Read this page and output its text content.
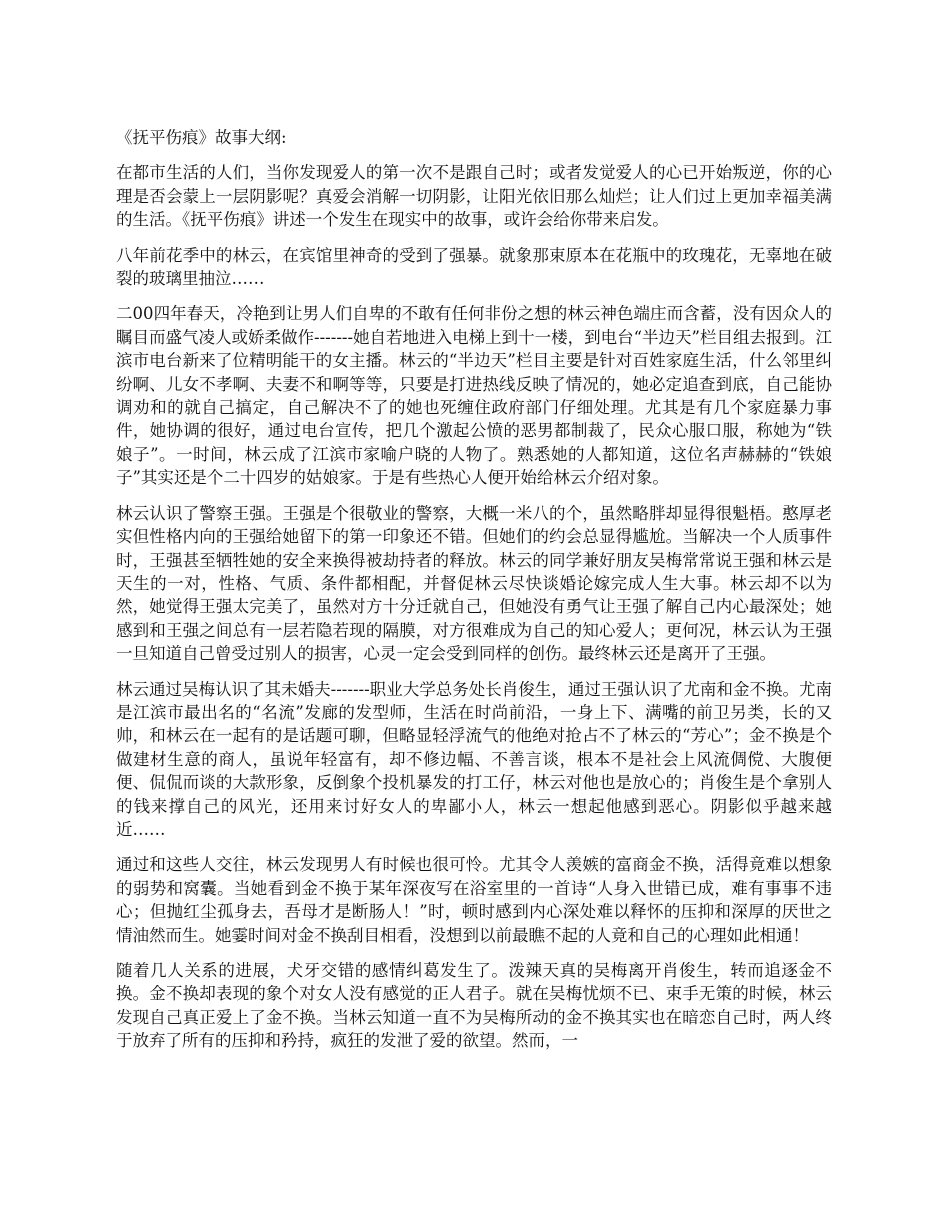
《抚平伤痕》故事大纲:

在都市生活的人们，当你发现爱人的第一次不是跟自己时；或者发觉爱人的心已开始叛逆，你的心理是否会蒙上一层阴影呢？真爱会消解一切阴影，让阳光依旧那么灿烂；让人们过上更加幸福美满的生活。《抚平伤痕》讲述一个发生在现实中的故事，或许会给你带来启发。

八年前花季中的林云，在宾馆里神奇的受到了强暴。就象那束原本在花瓶中的玫瑰花，无辜地在破裂的玻璃里抽泣……

二00四年春天，冷艳到让男人们自卑的不敢有任何非份之想的林云神色端庄而含蓄，没有因众人的瞩目而盛气凌人或娇柔做作-------她自若地进入电梯上到十一楼，到电台“半边天”栏目组去报到。江滨市电台新来了位精明能干的女主播。林云的“半边天”栏目主要是针对百姓家庭生活，什么邻里纠纷啊、儿女不孝啊、夫妻不和啊等等，只要是打进热线反映了情况的，她必定追查到底，自己能协调劝和的就自己搞定，自己解决不了的她也死缠住政府部门仔细处理。尤其是有几个家庭暴力事件，她协调的很好，通过电台宣传，把几个激起公愤的恶男都制裁了，民众心服口服，称她为“铁娘子”。一时间，林云成了江滨市家喻户晓的人物了。熟悉她的人都知道，这位名声赫赫的“铁娘子”其实还是个二十四岁的姑娘家。于是有些热心人便开始给林云介绍对象。

林云认识了警察王强。王强是个很敬业的警察，大概一米八的个，虽然略胖却显得很魁梧。憨厚老实但性格内向的王强给她留下的第一印象还不错。但她们的约会总显得尴尬。当解决一个人质事件时，王强甚至牺牲她的安全来换得被劫持者的释放。林云的同学兼好朋友吴梅常常说王强和林云是天生的一对，性格、气质、条件都相配，并督促林云尽快谈婚论嫁完成人生大事。林云却不以为然，她觉得王强太完美了，虽然对方十分迁就自己，但她没有勇气让王强了解自己内心最深处；她感到和王强之间总有一层若隐若现的隔膜，对方很难成为自己的知心爱人；更何况，林云认为王强一旦知道自己曾受过别人的损害，心灵一定会受到同样的创伤。最终林云还是离开了王强。

林云通过吴梅认识了其未婚夫-------职业大学总务处长肖俊生，通过王强认识了尤南和金不换。尤南是江滨市最出名的“名流”发廊的发型师，生活在时尚前沿，一身上下、满嘴的前卫另类，长的又帅，和林云在一起有的是话题可聊，但略显轻浮流气的他绝对抢占不了林云的“芳心”；金不换是个做建材生意的商人，虽说年轻富有，却不修边幅、不善言谈，根本不是社会上风流倜傥、大腹便便、侃侃而谈的大款形象，反倒象个投机暴发的打工仔，林云对他也是放心的；肖俊生是个拿别人的钱来撑自己的风光，还用来讨好女人的卑鄙小人，林云一想起他感到恶心。阴影似乎越来越近……

通过和这些人交往，林云发现男人有时候也很可怜。尤其令人羡嫉的富商金不换，活得竟难以想象的弱势和窝囊。当她看到金不换于某年深夜写在浴室里的一首诗“人身入世错已成，难有事事不违心；但抛红尘孤身去，吾母才是断肠人！”时，顿时感到内心深处难以释怀的压抑和深厚的厌世之情油然而生。她霎时间对金不换刮目相看，没想到以前最瞧不起的人竟和自己的心理如此相通！

随着几人关系的进展，犬牙交错的感情纠葛发生了。泼辣天真的吴梅离开肖俊生，转而追逐金不换。金不换却表现的象个对女人没有感觉的正人君子。就在吴梅忧烦不已、束手无策的时候，林云发现自己真正爱上了金不换。当林云知道一直不为吴梅所动的金不换其实也在暗恋自己时，两人终于放弃了所有的压抑和矜持，疯狂的发泄了爱的欲望。然而，一
